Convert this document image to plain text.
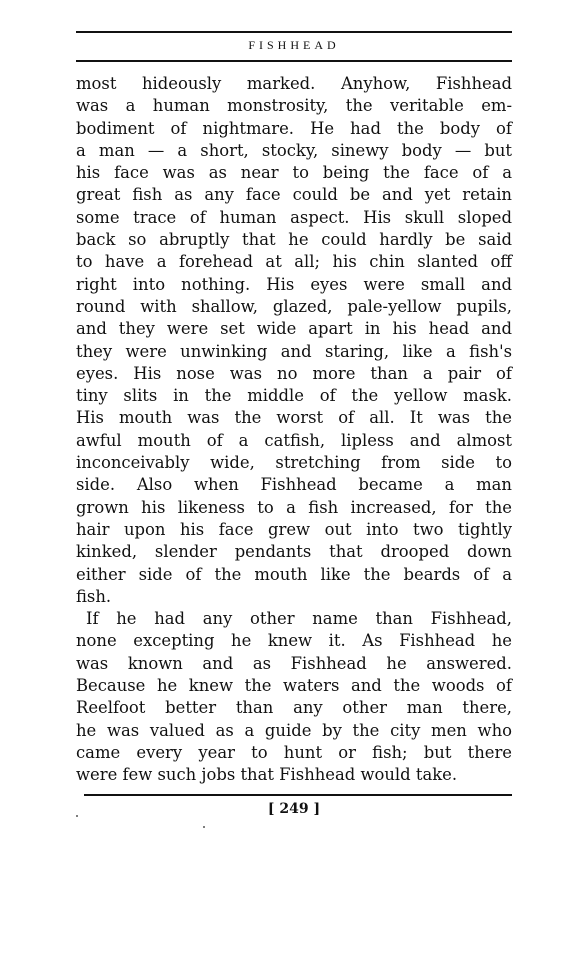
FISHHEAD
most hideously marked. Anyhow, Fishhead
was a human monstrosity, the veritable em-
bodiment of nightmare. He had the body of
a man — a short, stocky, sinewy body — but
his face was as near to being the face of a
great fish as any face could be and yet retain
some trace of human aspect. His skull sloped
back so abruptly that he could hardly be said
to have a forehead at all; his chin slanted off
right into nothing. His eyes were small and
round with shallow, glazed, pale-yellow pupils,
and they were set wide apart in his head and
they were unwinking and staring, like a fish's
eyes. His nose was no more than a pair of
tiny slits in the middle of the yellow mask.
His mouth was the worst of all. It was the
awful mouth of a catfish, lipless and almost
inconceivably wide, stretching from side to
side. Also when Fishhead became a man
grown his likeness to a fish increased, for the
hair upon his face grew out into two tightly
kinked, slender pendants that drooped down
either side of the mouth like the beards of a
fish.
If he had any other name than Fishhead,
none excepting he knew it. As Fishhead he
was known and as Fishhead he answered.
Because he knew the waters and the woods of
Reelfoot better than any other man there,
he was valued as a guide by the city men who
came every year to hunt or fish; but there
were few such jobs that Fishhead would take.
[ 249 ]
